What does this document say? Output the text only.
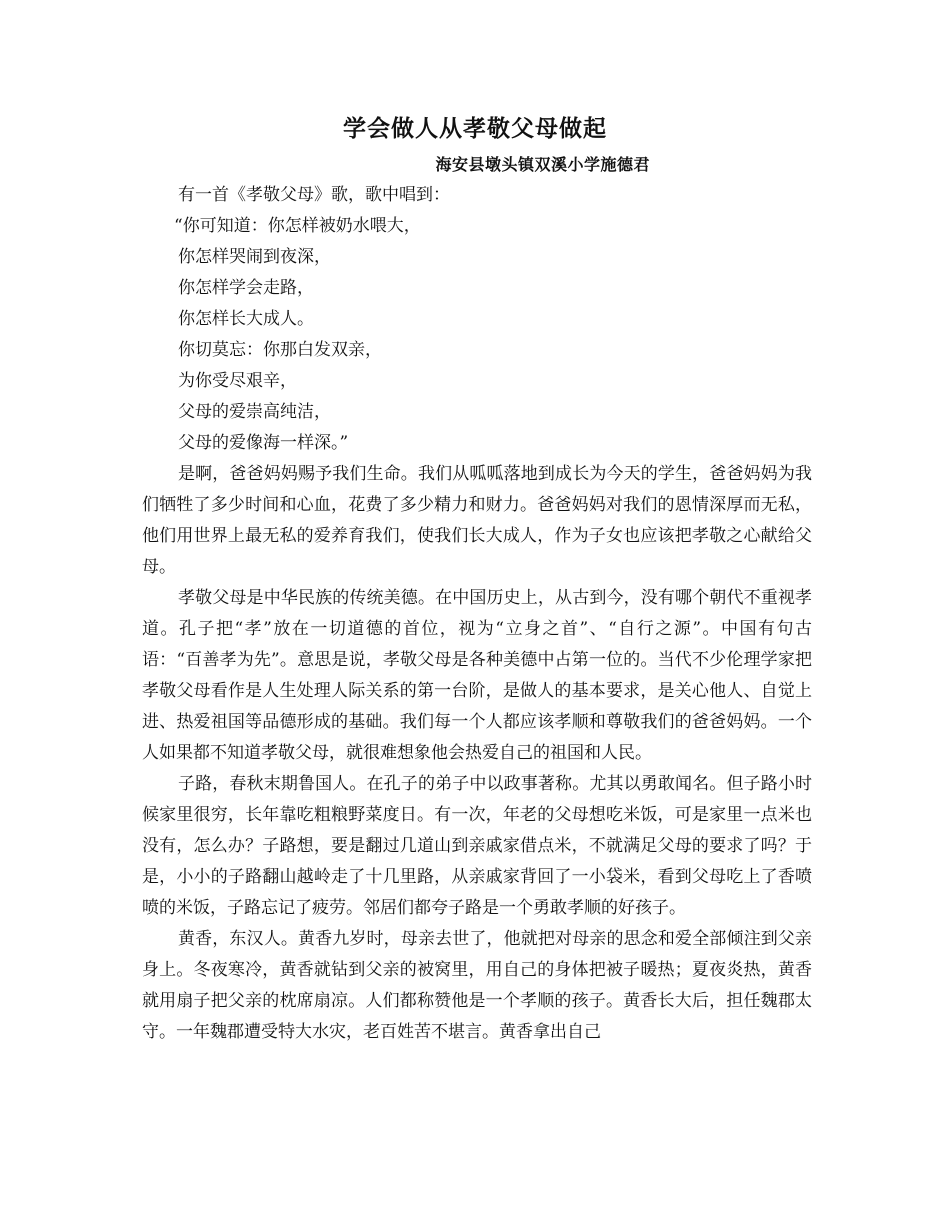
学会做人从孝敬父母做起
海安县墩头镇双溪小学施德君
有一首《孝敬父母》歌，歌中唱到：
“你可知道：你怎样被奶水喂大，
你怎样哭闹到夜深，
你怎样学会走路，
你怎样长大成人。
你切莫忘：你那白发双亲，
为你受尽艰辛，
父母的爱崇高纯洁，
父母的爱像海一样深。”

是啊，爸爸妈妈赐予我们生命。我们从呱呱落地到成长为今天的学生，爸爸妈妈为我们牺牲了多少时间和心血，花费了多少精力和财力。爸爸妈妈对我们的恩情深厚而无私，他们用世界上最无私的爱养育我们，使我们长大成人，作为子女也应该把孝敬之心献给父母。

孝敬父母是中华民族的传统美德。在中国历史上，从古到今，没有哪个朝代不重视孝道。孔子把“孝”放在一切道德的首位，视为“立身之首”、“自行之源”。中国有句古语：“百善孝为先”。意思是说，孝敬父母是各种美德中占第一位的。当代不少伦理学家把孝敬父母看作是人生处理人际关系的第一台阶，是做人的基本要求，是关心他人、自觉上进、热爱祖国等品德形成的基础。我们每一个人都应该孝顺和尊敬我们的爸爸妈妈。一个人如果都不知道孝敬父母，就很难想象他会热爱自己的祖国和人民。

子路，春秋末期鲁国人。在孔子的弟子中以政事著称。尤其以勇敢闻名。但子路小时候家里很穷，长年靠吃粗粮野菜度日。有一次，年老的父母想吃米饭，可是家里一点米也没有，怎么办？子路想，要是翻过几道山到亲戚家借点米，不就满足父母的要求了吗？于是，小小的子路翻山越岭走了十几里路，从亲戚家背回了一小袋米，看到父母吃上了香喷喷的米饭，子路忘记了疲劳。邻居们都夸子路是一个勇敢孝顺的好孩子。

黄香，东汉人。黄香九岁时，母亲去世了，他就把对母亲的思念和爱全部倾注到父亲身上。冬夜寒冷，黄香就钻到父亲的被窝里，用自己的身体把被子暖热；夏夜炎热，黄香就用扇子把父亲的枕席扇凉。人们都称赞他是一个孝顺的孩子。黄香长大后，担任魏郡太守。一年魏郡遭受特大水灾，老百姓苦不堪言。黄香拿出自己
